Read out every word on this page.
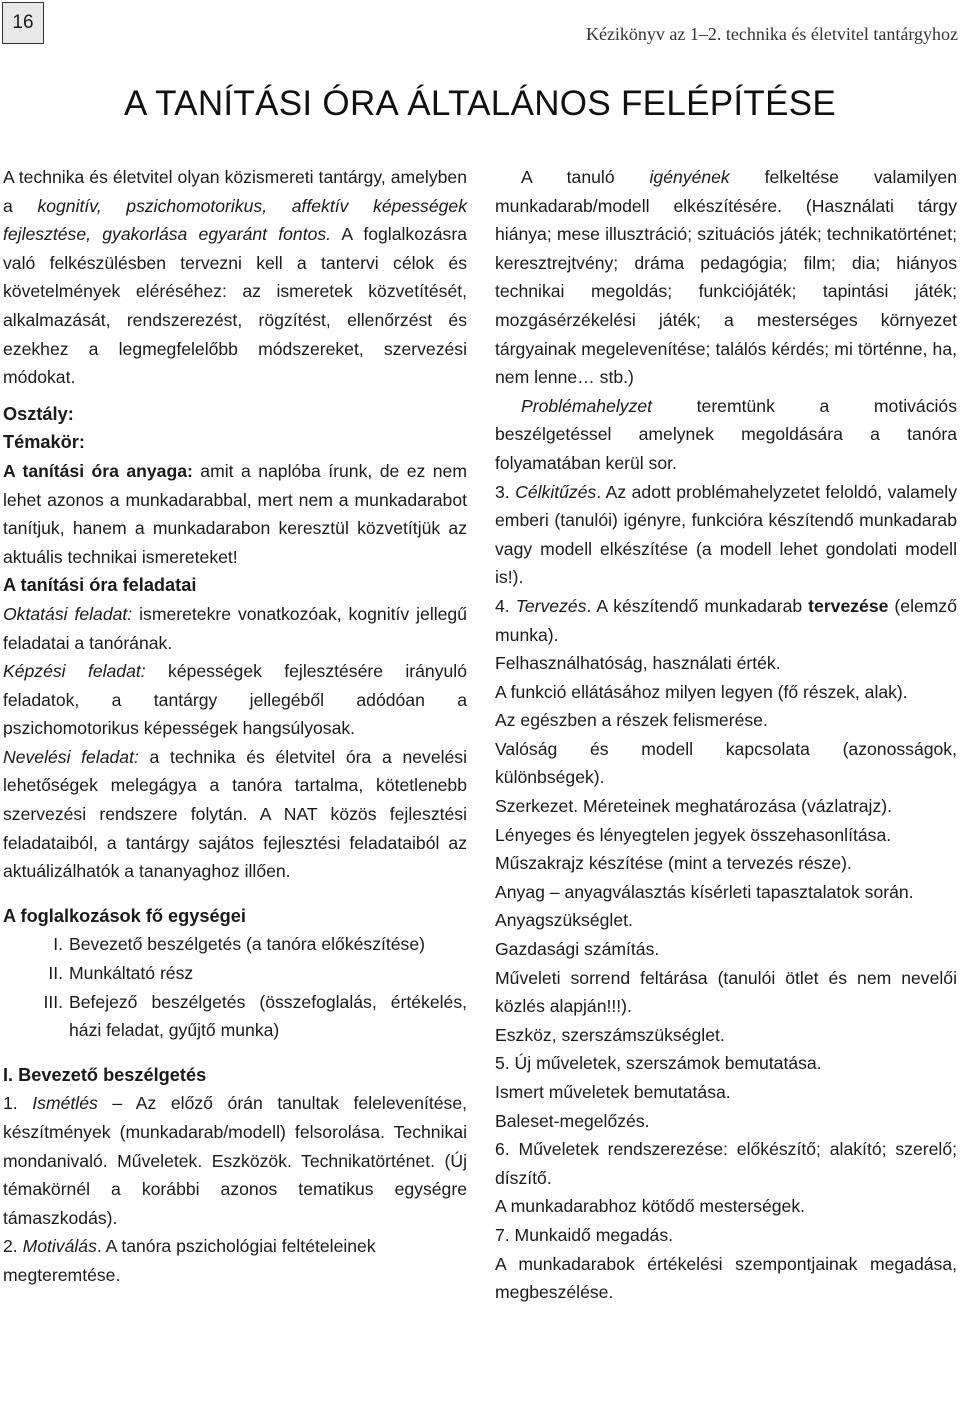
16
Kézikönyv az 1–2. technika és életvitel tantárgyhoz
A TANÍTÁSI ÓRA ÁLTALÁNOS FELÉPÍTÉSE

A technika és életvitel olyan közismereti tantárgy, amelyben a kognitív, pszichomotorikus, affektív képességek fejlesztése, gyakorlása egyaránt fontos. A foglalkozásra való felkészülésben tervezni kell a tantervi célok és követelmények eléréséhez: az ismeretek közvetítését, alkalmazását, rendszerezést, rögzítést, ellenőrzést és ezekhez a legmegfelelőbb módszereket, szervezési módokat.

Osztály:

Témakör:

A tanítási óra anyaga: amit a naplóba írunk, de ez nem lehet azonos a munkadarabbal, mert nem a munkadarabot tanítjuk, hanem a munkadarabon keresztül közvetítjük az aktuális technikai ismereteket!

A tanítási óra feladatai

Oktatási feladat: ismeretekre vonatkozóak, kognitív jellegű feladatai a tanórának.

Képzési feladat: képességek fejlesztésére irányuló feladatok, a tantárgy jellegéből adódóan a pszichomotorikus képességek hangsúlyosak.

Nevelési feladat: a technika és életvitel óra a nevelési lehetőségek melegágya a tanóra tartalma, kötetlenebb szervezési rendszere folytán. A NAT közös fejlesztési feladataiból, a tantárgy sajátos fejlesztési feladataiból az aktuálizálhatók a tananyaghoz illően.

A foglalkozások fő egységei

I. Bevezető beszélgetés (a tanóra előkészítése)
II. Munkáltató rész
III. Befejező beszélgetés (összefoglalás, értékelés, házi feladat, gyűjtő munka)

I. Bevezető beszélgetés

1. Ismétlés – Az előző órán tanultak felelevenítése, készítmények (munkadarab/modell) felsorolása. Technikai mondanivaló. Műveletek. Eszközök. Technikatörténet. (Új témakörnél a korábbi azonos tematikus egységre támaszkodás).

2. Motiválás. A tanóra pszichológiai feltételeinek megteremtése.

A tanuló igényének felkeltése valamilyen munkadarab/modell elkészítésére. (Használati tárgy hiánya; mese illusztráció; szituációs játék; technikatörténet; keresztrejtvény; dráma pedagógia; film; dia; hiányos technikai megoldás; funkciójáték; tapintási játék; mozgásérzékelési játék; a mesterséges környezet tárgyainak megelevenítése; találós kérdés; mi történne, ha, nem lenne… stb.)

Problémahelyzet teremtünk a motivációs beszélgetéssel amelynek megoldására a tanóra folyamatában kerül sor.

3. Célkitűzés. Az adott problémahelyzetet feloldó, valamely emberi (tanulói) igényre, funkcióra készítendő munkadarab vagy modell elkészítése (a modell lehet gondolati modell is!).

4. Tervezés. A készítendő munkadarab tervezése (elemző munka).

Felhasználhatóság, használati érték.

A funkció ellátásához milyen legyen (fő részek, alak).

Az egészben a részek felismerése.

Valóság és modell kapcsolata (azonosságok, különbségek).

Szerkezet. Méreteinek meghatározása (vázlatrajz).

Lényeges és lényegtelen jegyek összehasonlítása.

Műszakrajz készítése (mint a tervezés része).

Anyag – anyagválasztás kísérleti tapasztalatok során.

Anyagszükséglet.

Gazdasági számítás.

Műveleti sorrend feltárása (tanulói ötlet és nem nevelői közlés alapján!!!).

Eszköz, szerszámszükséglet.

5. Új műveletek, szerszámok bemutatása.

Ismert műveletek bemutatása.

Baleset-megelőzés.

6. Műveletek rendszerezése: előkészítő; alakító; szerelő; díszítő.

A munkadarabhoz kötődő mesterségek.

7. Munkaidő megadás.

A munkadarabok értékelési szempontjainak megadása, megbeszélése.
